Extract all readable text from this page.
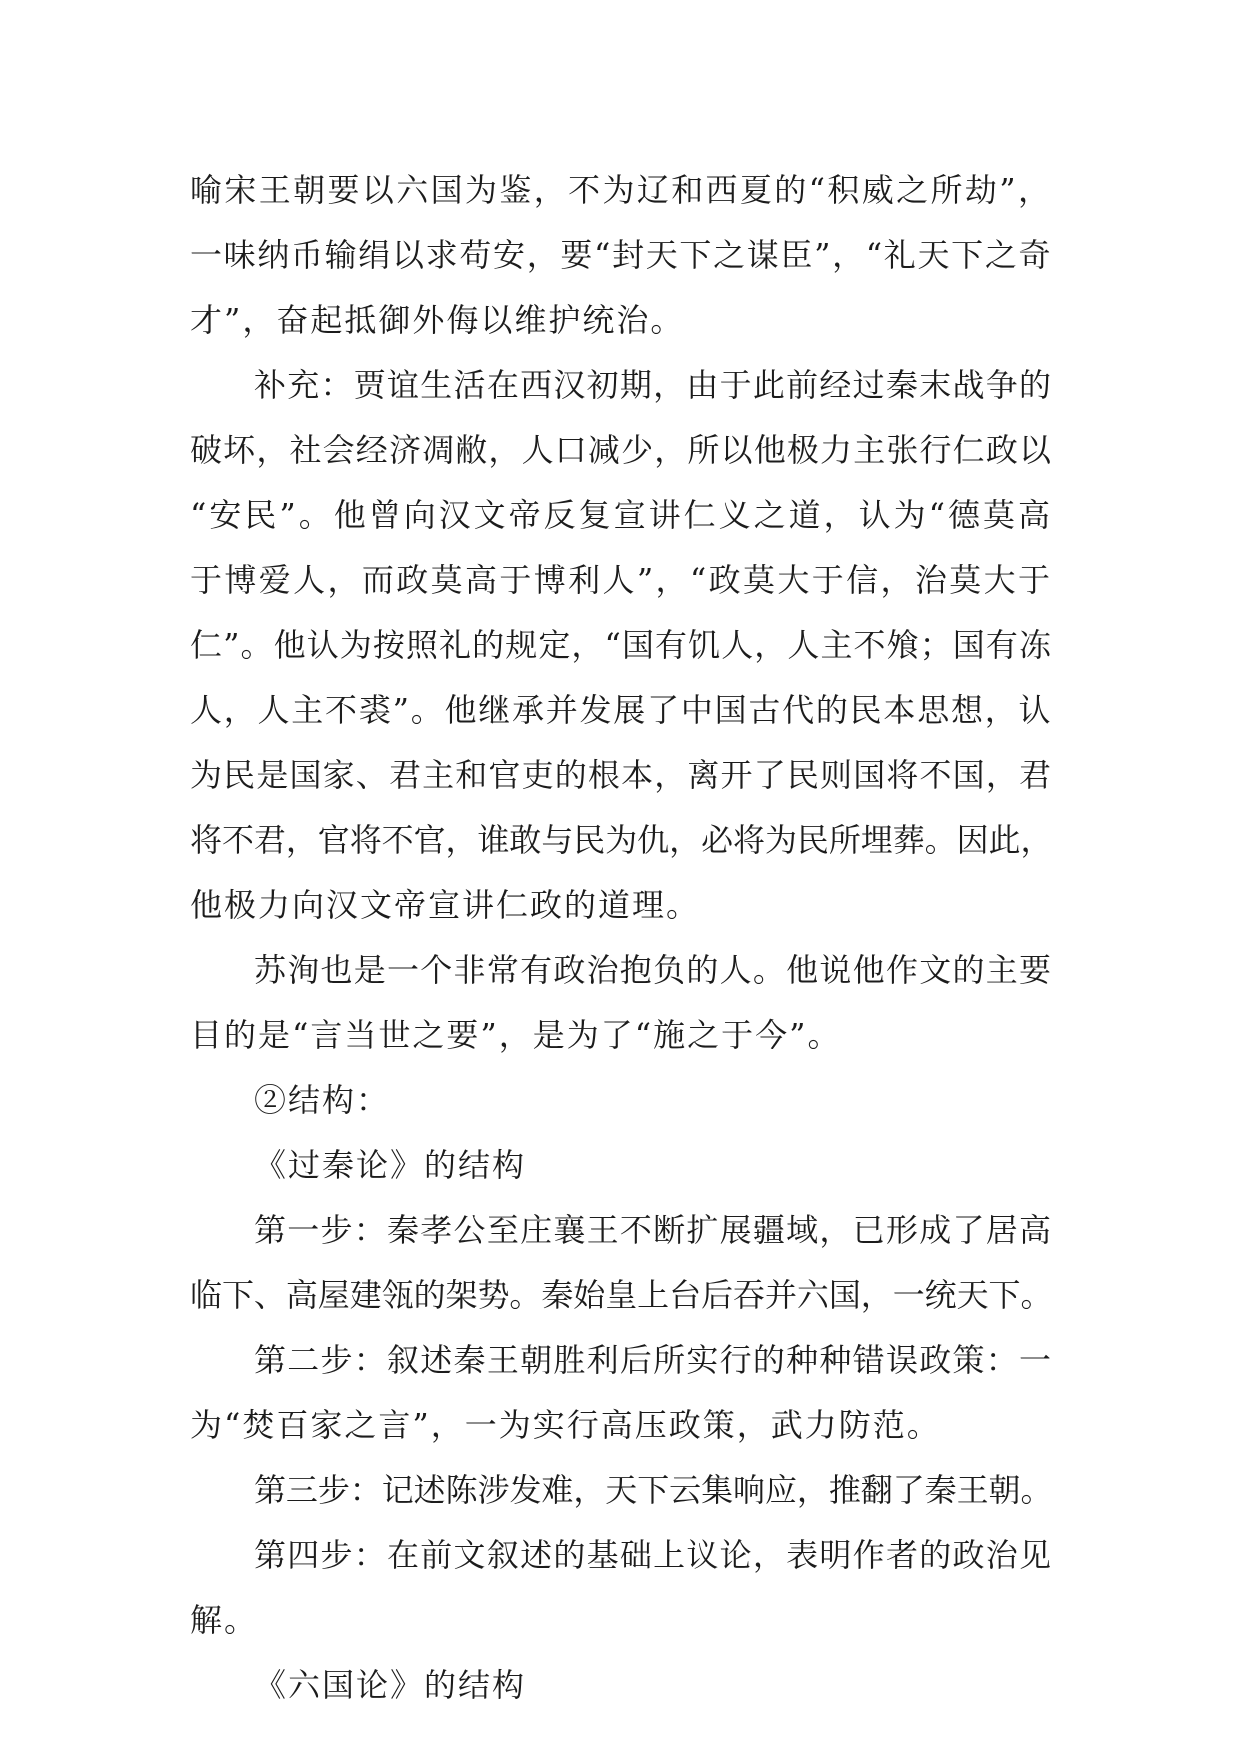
喻宋王朝要以六国为鉴，不为辽和西夏的“积威之所劫”，
一味纳币输绢以求苟安，要“封天下之谋臣”，“礼天下之奇
才”，奋起抵御外侮以维护统治。
补充：贾谊生活在西汉初期，由于此前经过秦末战争的
破坏，社会经济凋敝，人口减少，所以他极力主张行仁政以
“安民”。他曾向汉文帝反复宣讲仁义之道，认为“德莫高
于博爱人，而政莫高于博利人”，“政莫大于信，治莫大于
仁”。他认为按照礼的规定，“国有饥人，人主不飧；国有冻
人，人主不裘”。他继承并发展了中国古代的民本思想，认
为民是国家、君主和官吏的根本，离开了民则国将不国，君
将不君，官将不官，谁敢与民为仇，必将为民所埋葬。因此，
他极力向汉文帝宣讲仁政的道理。
苏洵也是一个非常有政治抱负的人。他说他作文的主要
目的是“言当世之要”，是为了“施之于今”。
②结构：
《过秦论》的结构
第一步：秦孝公至庄襄王不断扩展疆域，已形成了居高
临下、高屋建瓴的架势。秦始皇上台后吞并六国，一统天下。
第二步：叙述秦王朝胜利后所实行的种种错误政策：一
为“焚百家之言”，一为实行高压政策，武力防范。
第三步：记述陈涉发难，天下云集响应，推翻了秦王朝。
第四步：在前文叙述的基础上议论，表明作者的政治见
解。
《六国论》的结构
